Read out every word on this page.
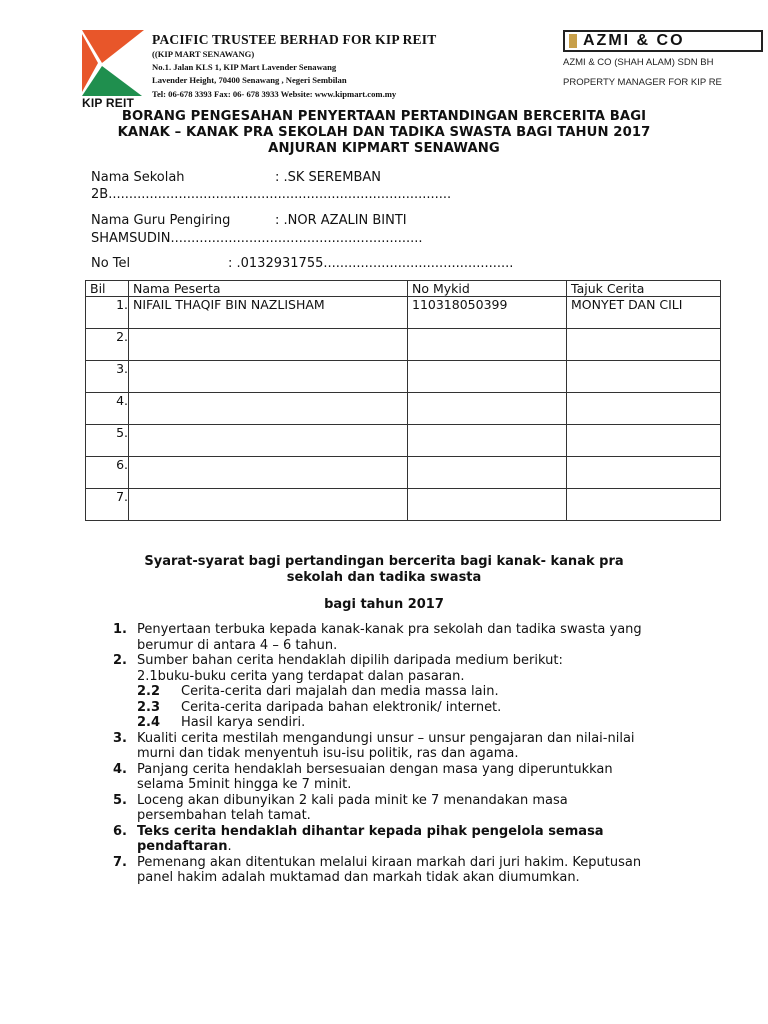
KIP REIT
PACIFIC TRUSTEE BERHAD FOR KIP REIT
((KIP MART SENAWANG)
No.1. Jalan KLS 1, KIP Mart Lavender Senawang
Lavender Height, 70400 Senawang , Negeri Sembilan
Tel: 06-678 3393 Fax: 06- 678 3933 Website: www.kipmart.com.my
AZMI & CO
AZMI & CO (SHAH ALAM) SDN BH
PROPERTY MANAGER FOR KIP RE
BORANG PENGESAHAN PENYERTAAN PERTANDINGAN BERCERITA BAGI
KANAK – KANAK PRA SEKOLAH DAN TADIKA SWASTA BAGI TAHUN 2017
ANJURAN KIPMART SENAWANG
Nama Sekolah	: .SK SEREMBAN
2B...................................................................................
Nama Guru Pengiring	: .NOR AZALIN BINTI
SHAMSUDIN.............................................................
No Tel	: .0132931755..............................................
Bil	Nama Peserta	No Mykid	Tajuk Cerita
1.	NIFAIL THAQIF BIN NAZLISHAM	110318050399	MONYET DAN CILI
2.			
3.			
4.			
5.			
6.			
7.			
Syarat-syarat bagi pertandingan bercerita bagi kanak- kanak pra
sekolah dan tadika swasta
bagi tahun 2017
1. Penyertaan terbuka kepada kanak-kanak pra sekolah dan tadika swasta yang berumur di antara 4 – 6 tahun.
2. Sumber bahan cerita hendaklah dipilih daripada medium berikut:
2.1buku-buku cerita yang terdapat dalan pasaran.
2.2 Cerita-cerita dari majalah dan media massa lain.
2.3 Cerita-cerita daripada bahan elektronik/ internet.
2.4 Hasil karya sendiri.
3. Kualiti cerita mestilah mengandungi unsur – unsur pengajaran dan nilai-nilai murni dan tidak menyentuh isu-isu politik, ras dan agama.
4. Panjang cerita hendaklah bersesuaian dengan masa yang diperuntukkan selama 5minit hingga ke 7 minit.
5. Loceng akan dibunyikan 2 kali pada minit ke 7 menandakan masa persembahan telah tamat.
6. Teks cerita hendaklah dihantar kepada pihak pengelola semasa pendaftaran.
7. Pemenang akan ditentukan melalui kiraan markah dari juri hakim. Keputusan panel hakim adalah muktamad dan markah tidak akan diumumkan.
